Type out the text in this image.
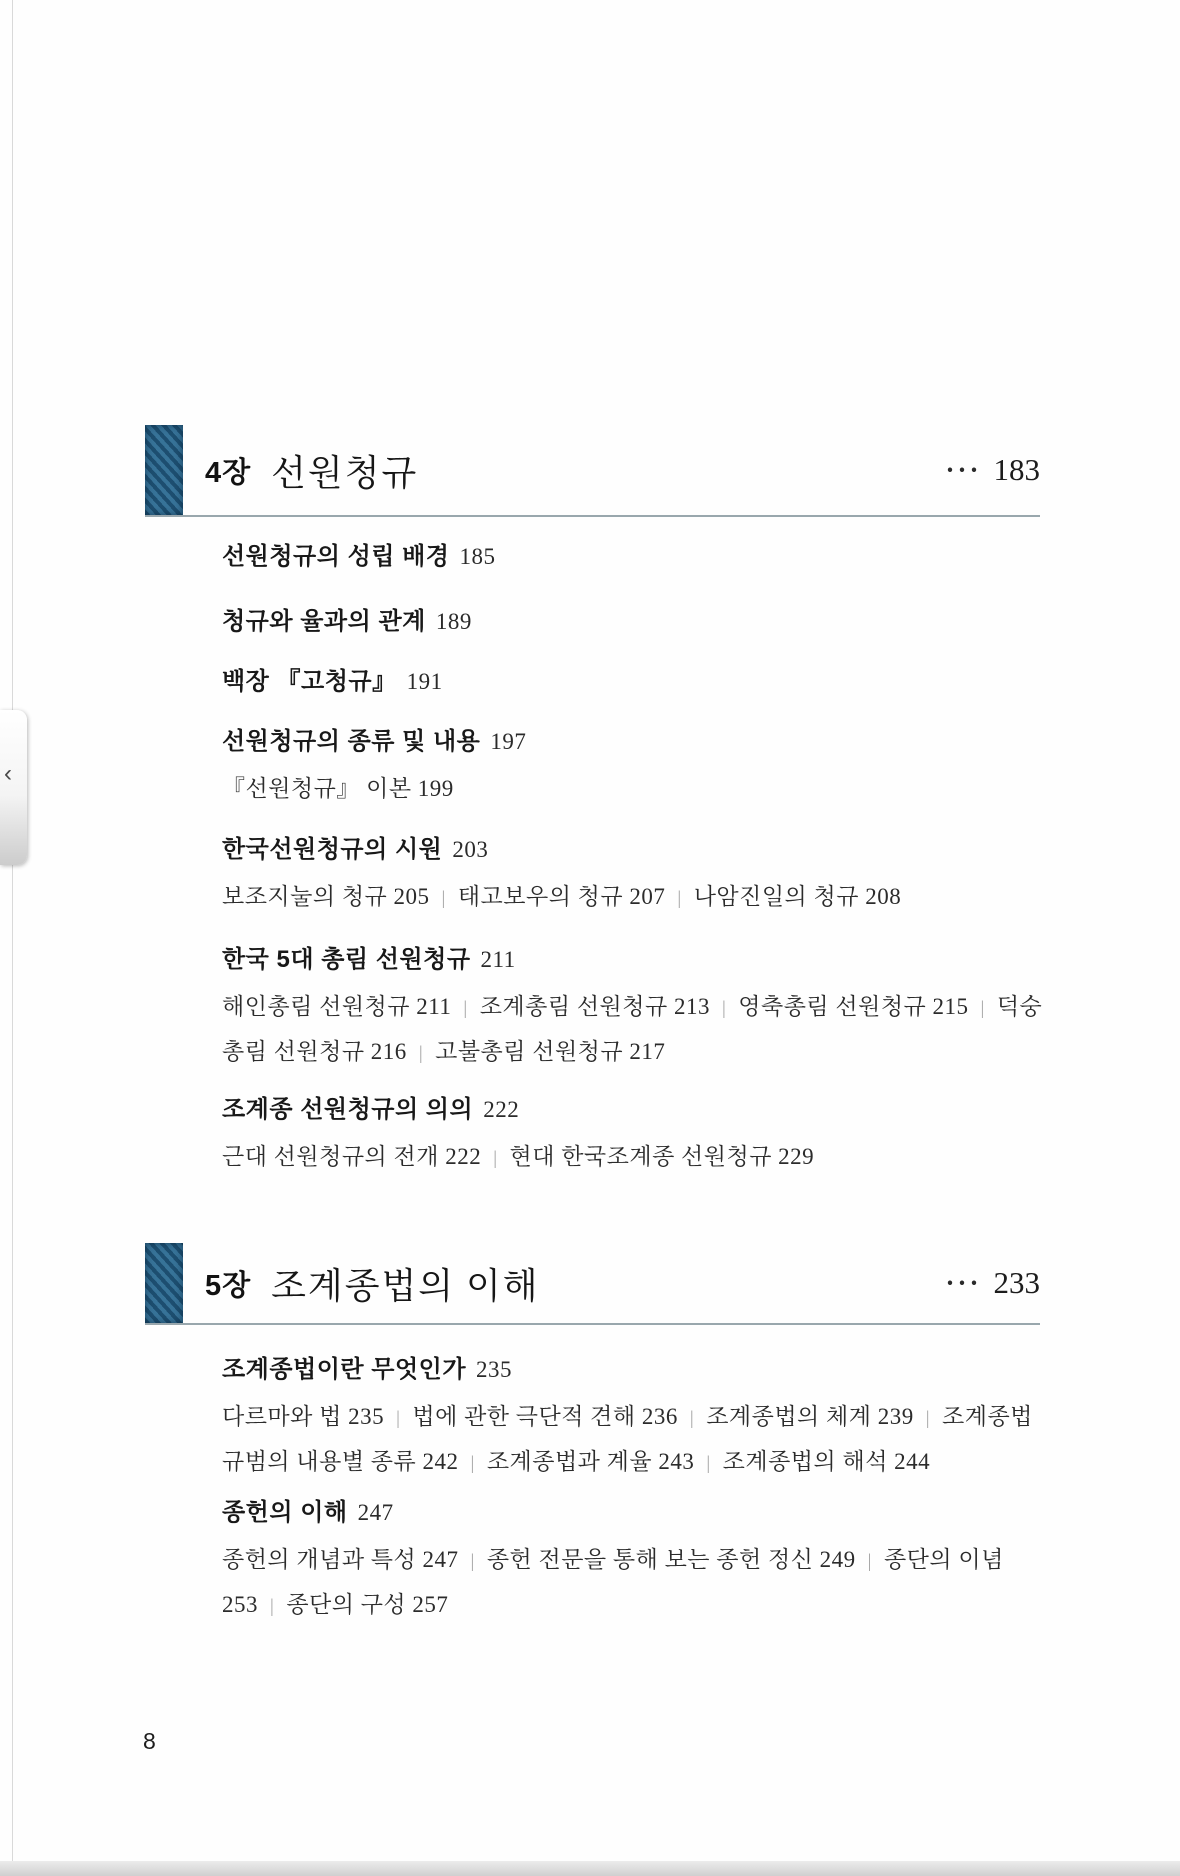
‹
4장 선원청규	··· 183
선원청규의 성립 배경 185
청규와 율과의 관계 189
백장 『고청규』 191
선원청규의 종류 및 내용 197
『선원청규』 이본 199
한국선원청규의 시원 203
보조지눌의 청규 205 | 태고보우의 청규 207 | 나암진일의 청규 208
한국 5대 총림 선원청규 211
해인총림 선원청규 211 | 조계총림 선원청규 213 | 영축총림 선원청규 215 | 덕숭총림 선원청규 216 | 고불총림 선원청규 217
조계종 선원청규의 의의 222
근대 선원청규의 전개 222 | 현대 한국조계종 선원청규 229
5장 조계종법의 이해	··· 233
조계종법이란 무엇인가 235
다르마와 법 235 | 법에 관한 극단적 견해 236 | 조계종법의 체계 239 | 조계종법 규범의 내용별 종류 242 | 조계종법과 계율 243 | 조계종법의 해석 244
종헌의 이해 247
종헌의 개념과 특성 247 | 종헌 전문을 통해 보는 종헌 정신 249 | 종단의 이념 253 | 종단의 구성 257
8
